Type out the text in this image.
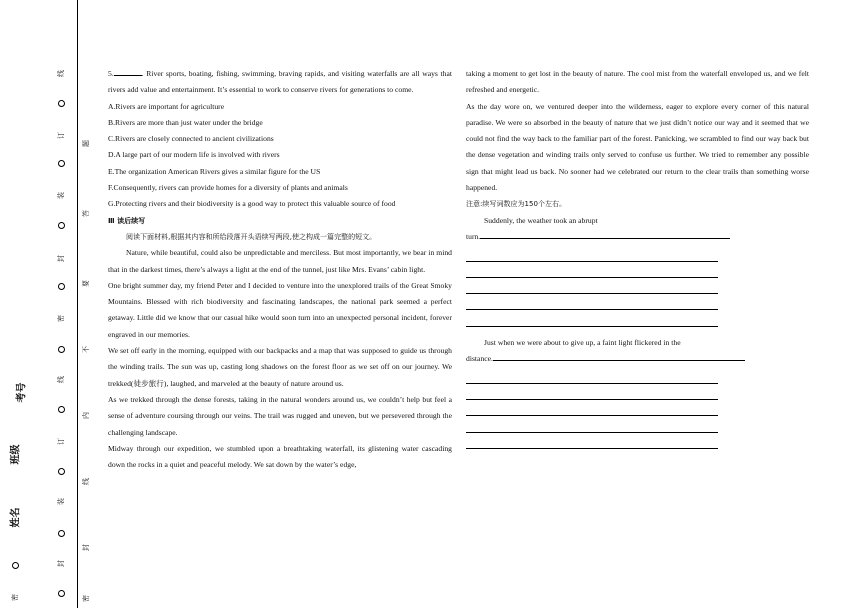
线
订
装
封
密
线
订
装
封
题
答
要
不
内
线
封
密
考号
班级
姓名
密

5.	. River sports, boating, fishing, swimming, braving rapids, and visiting waterfalls are all ways that rivers add value and entertainment. It’s essential to work to conserve rivers for generations to come.

A.Rivers are important for agriculture

B.Rivers are more than just water under the bridge

C.Rivers are closely connected to ancient civilizations

D.A large part of our modern life is involved with rivers

E.The organization American Rivers gives a similar figure for the US

F.Consequently, rivers can provide homes for a diversity of plants and animals

G.Protecting rivers and their biodiversity is a good way to protect this valuable source of food

Ⅲ 读后续写

阅读下面材料,根据其内容和所给段落开头语续写两段,使之构成一篇完整的短文。

Nature, while beautiful, could also be unpredictable and merciless. But most importantly, we bear in mind that in the darkest times, there’s always a light at the end of the tunnel, just like Mrs. Evans’ cabin light.

One bright summer day, my friend Peter and I decided to venture into the unexplored trails of the Great Smoky Mountains. Blessed with rich biodiversity and fascinating landscapes, the national park seemed a perfect getaway. Little did we know that our casual hike would soon turn into an unexpected personal incident, forever engraved in our memories.

We set off early in the morning, equipped with our backpacks and a map that was supposed to guide us through the winding trails. The sun was up, casting long shadows on the forest floor as we set off on our journey. We trekked(徒步旅行), laughed, and marveled at the beauty of nature around us.

As we trekked through the dense forests, taking in the natural wonders around us, we couldn’t help but feel a sense of adventure coursing through our veins. The trail was rugged and uneven, but we persevered through the challenging landscape.

Midway through our expedition, we stumbled upon a breathtaking waterfall, its glistening water cascading down the rocks in a quiet and peaceful melody. We sat down by the water’s edge,

taking a moment to get lost in the beauty of nature. The cool mist from the waterfall enveloped us, and we felt refreshed and energetic.

As the day wore on, we ventured deeper into the wilderness, eager to explore every corner of this natural paradise. We were so absorbed in the beauty of nature that we just didn’t notice our way and it seemed that we could not find the way back to the familiar part of the forest. Panicking, we scrambled to find our way back but the dense vegetation and winding trails only served to confuse us further. We tried to remember any possible sign that might lead us back. No sooner had we celebrated our return to the clear trails than something worse happened.

注意:续写词数应为150个左右。

Suddenly, the weather took an abrupt

turn.

Just when we were about to give up, a faint light flickered in the

distance.
